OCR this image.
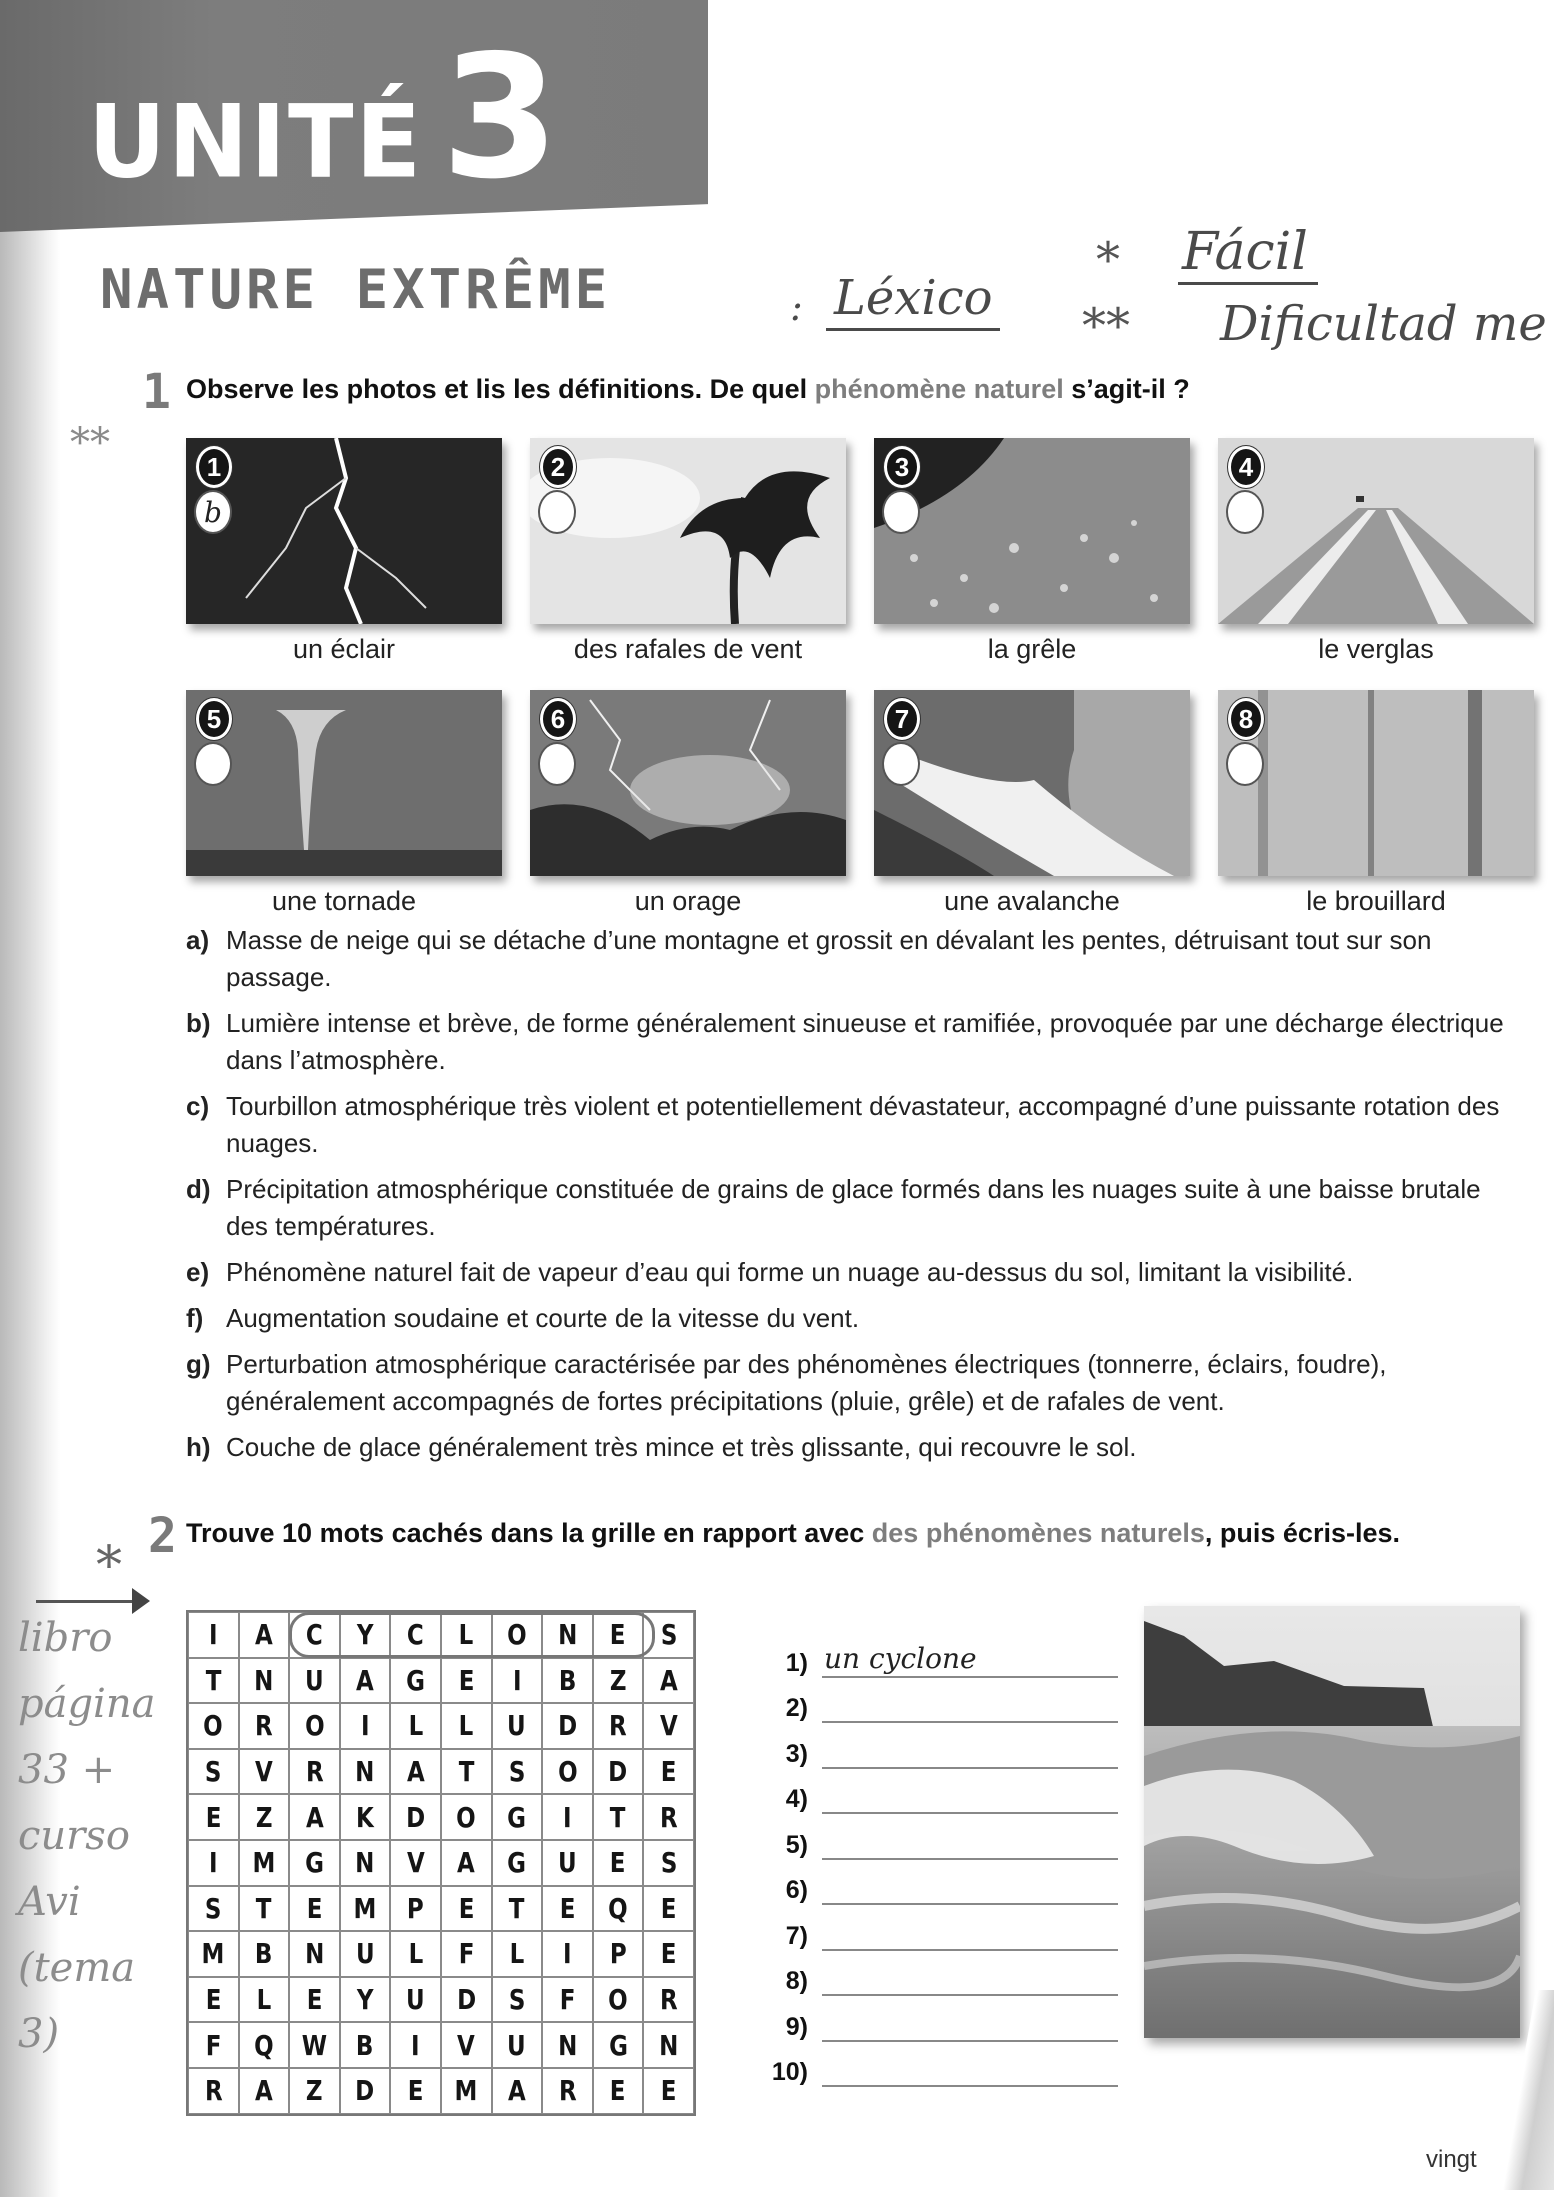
UNITÉ 3
NATURE EXTRÊME	: Léxico
* Fácil
** Dificultad me
**
1 Observe les photos et lis les définitions. De quel phénomène naturel s’agit-il ?
1
b
un éclair
2
des rafales de vent
3
la grêle
4
le verglas
5
une tornade
6
un orage
7
une avalanche
8
le brouillard
a) Masse de neige qui se détache d’une montagne et grossit en dévalant les pentes, détruisant tout sur son passage.
b) Lumière intense et brève, de forme généralement sinueuse et ramifiée, provoquée par une décharge électrique dans l’atmosphère.
c) Tourbillon atmosphérique très violent et potentiellement dévastateur, accompagné d’une puissante rotation des nuages.
d) Précipitation atmosphérique constituée de grains de glace formés dans les nuages suite à une baisse brutale des températures.
e) Phénomène naturel fait de vapeur d’eau qui forme un nuage au-dessus du sol, limitant la visibilité.
f) Augmentation soudaine et courte de la vitesse du vent.
g) Perturbation atmosphérique caractérisée par des phénomènes électriques (tonnerre, éclairs, foudre), généralement accompagnés de fortes précipitations (pluie, grêle) et de rafales de vent.
h) Couche de glace généralement très mince et très glissante, qui recouvre le sol.
* 2 Trouve 10 mots cachés dans la grille en rapport avec des phénomènes naturels, puis écris-les.
libro
página
33 +
curso
Avi
(tema 3)
I A C Y C L O N E S
T N U A G E I B Z A
O R O I L L U D R V
S V R N A T S O D E
E Z A K D O G I T R
I M G N V A G U E S
S T E M P E T E Q E
M B N U L F L I P E
E L E Y U D S F O R
F Q W B I V U N G N
R A Z D E M A R E E
1) un cyclone
2)
3)
4)
5)
6)
7)
8)
9)
10)
vingt
